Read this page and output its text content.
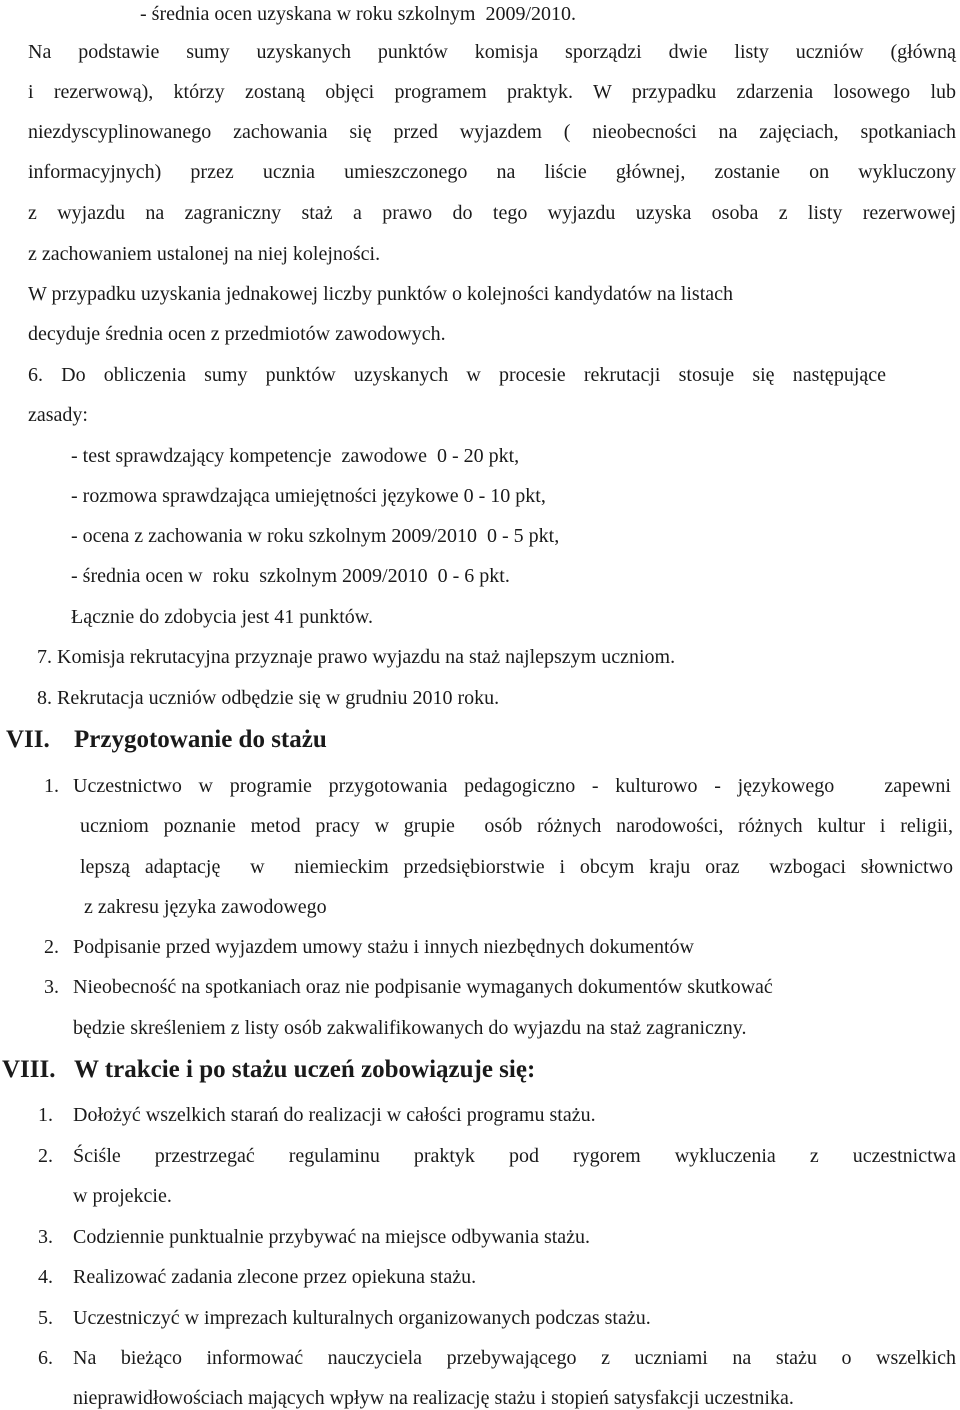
- średnia ocen uzyskana w roku szkolnym  2009/2010.
Na podstawie sumy uzyskanych punktów komisja sporządzi dwie listy uczniów (główną
i rezerwową), którzy zostaną objęci programem praktyk. W przypadku zdarzenia losowego lub
niezdyscyplinowanego zachowania się przed wyjazdem ( nieobecności na zajęciach, spotkaniach
informacyjnych) przez ucznia umieszczonego na liście głównej, zostanie on wykluczony
z wyjazdu na zagraniczny staż a prawo do tego wyjazdu uzyska osoba z listy rezerwowej
z zachowaniem ustalonej na niej kolejności.
W przypadku uzyskania jednakowej liczby punktów o kolejności kandydatów na listach
decyduje średnia ocen z przedmiotów zawodowych.
6. Do obliczenia sumy punktów uzyskanych w procesie rekrutacji stosuje się następujące
zasady:
- test sprawdzający kompetencje  zawodowe  0 - 20 pkt,
- rozmowa sprawdzająca umiejętności językowe 0 - 10 pkt,
- ocena z zachowania w roku szkolnym 2009/2010  0 - 5 pkt,
- średnia ocen w  roku  szkolnym 2009/2010  0 - 6 pkt.
Łącznie do zdobycia jest 41 punktów.
7. Komisja rekrutacyjna przyznaje prawo wyjazdu na staż najlepszym uczniom.
8. Rekrutacja uczniów odbędzie się w grudniu 2010 roku.
VII. Przygotowanie do stażu
1. Uczestnictwo w programie przygotowania pedagogiczno - kulturowo - językowego   zapewni
uczniom poznanie metod pracy w grupie  osób różnych narodowości, różnych kultur i religii,
lepszą adaptację  w  niemieckim przedsiębiorstwie i obcym kraju oraz  wzbogaci słownictwo
z zakresu języka zawodowego
2. Podpisanie przed wyjazdem umowy stażu i innych niezbędnych dokumentów
3. Nieobecność na spotkaniach oraz nie podpisanie wymaganych dokumentów skutkować
będzie skreśleniem z listy osób zakwalifikowanych do wyjazdu na staż zagraniczny.
VIII. W trakcie i po stażu uczeń zobowiązuje się:
1. Dołożyć wszelkich starań do realizacji w całości programu stażu.
2. Ściśle  przestrzegać  regulaminu  praktyk  pod  rygorem  wykluczenia  z  uczestnictwa
w projekcie.
3. Codziennie punktualnie przybywać na miejsce odbywania stażu.
4. Realizować zadania zlecone przez opiekuna stażu.
5. Uczestniczyć w imprezach kulturalnych organizowanych podczas stażu.
6. Na  bieżąco  informować  nauczyciela  przebywającego  z  uczniami  na  stażu  o  wszelkich
nieprawidłowościach mających wpływ na realizację stażu i stopień satysfakcji uczestnika.
